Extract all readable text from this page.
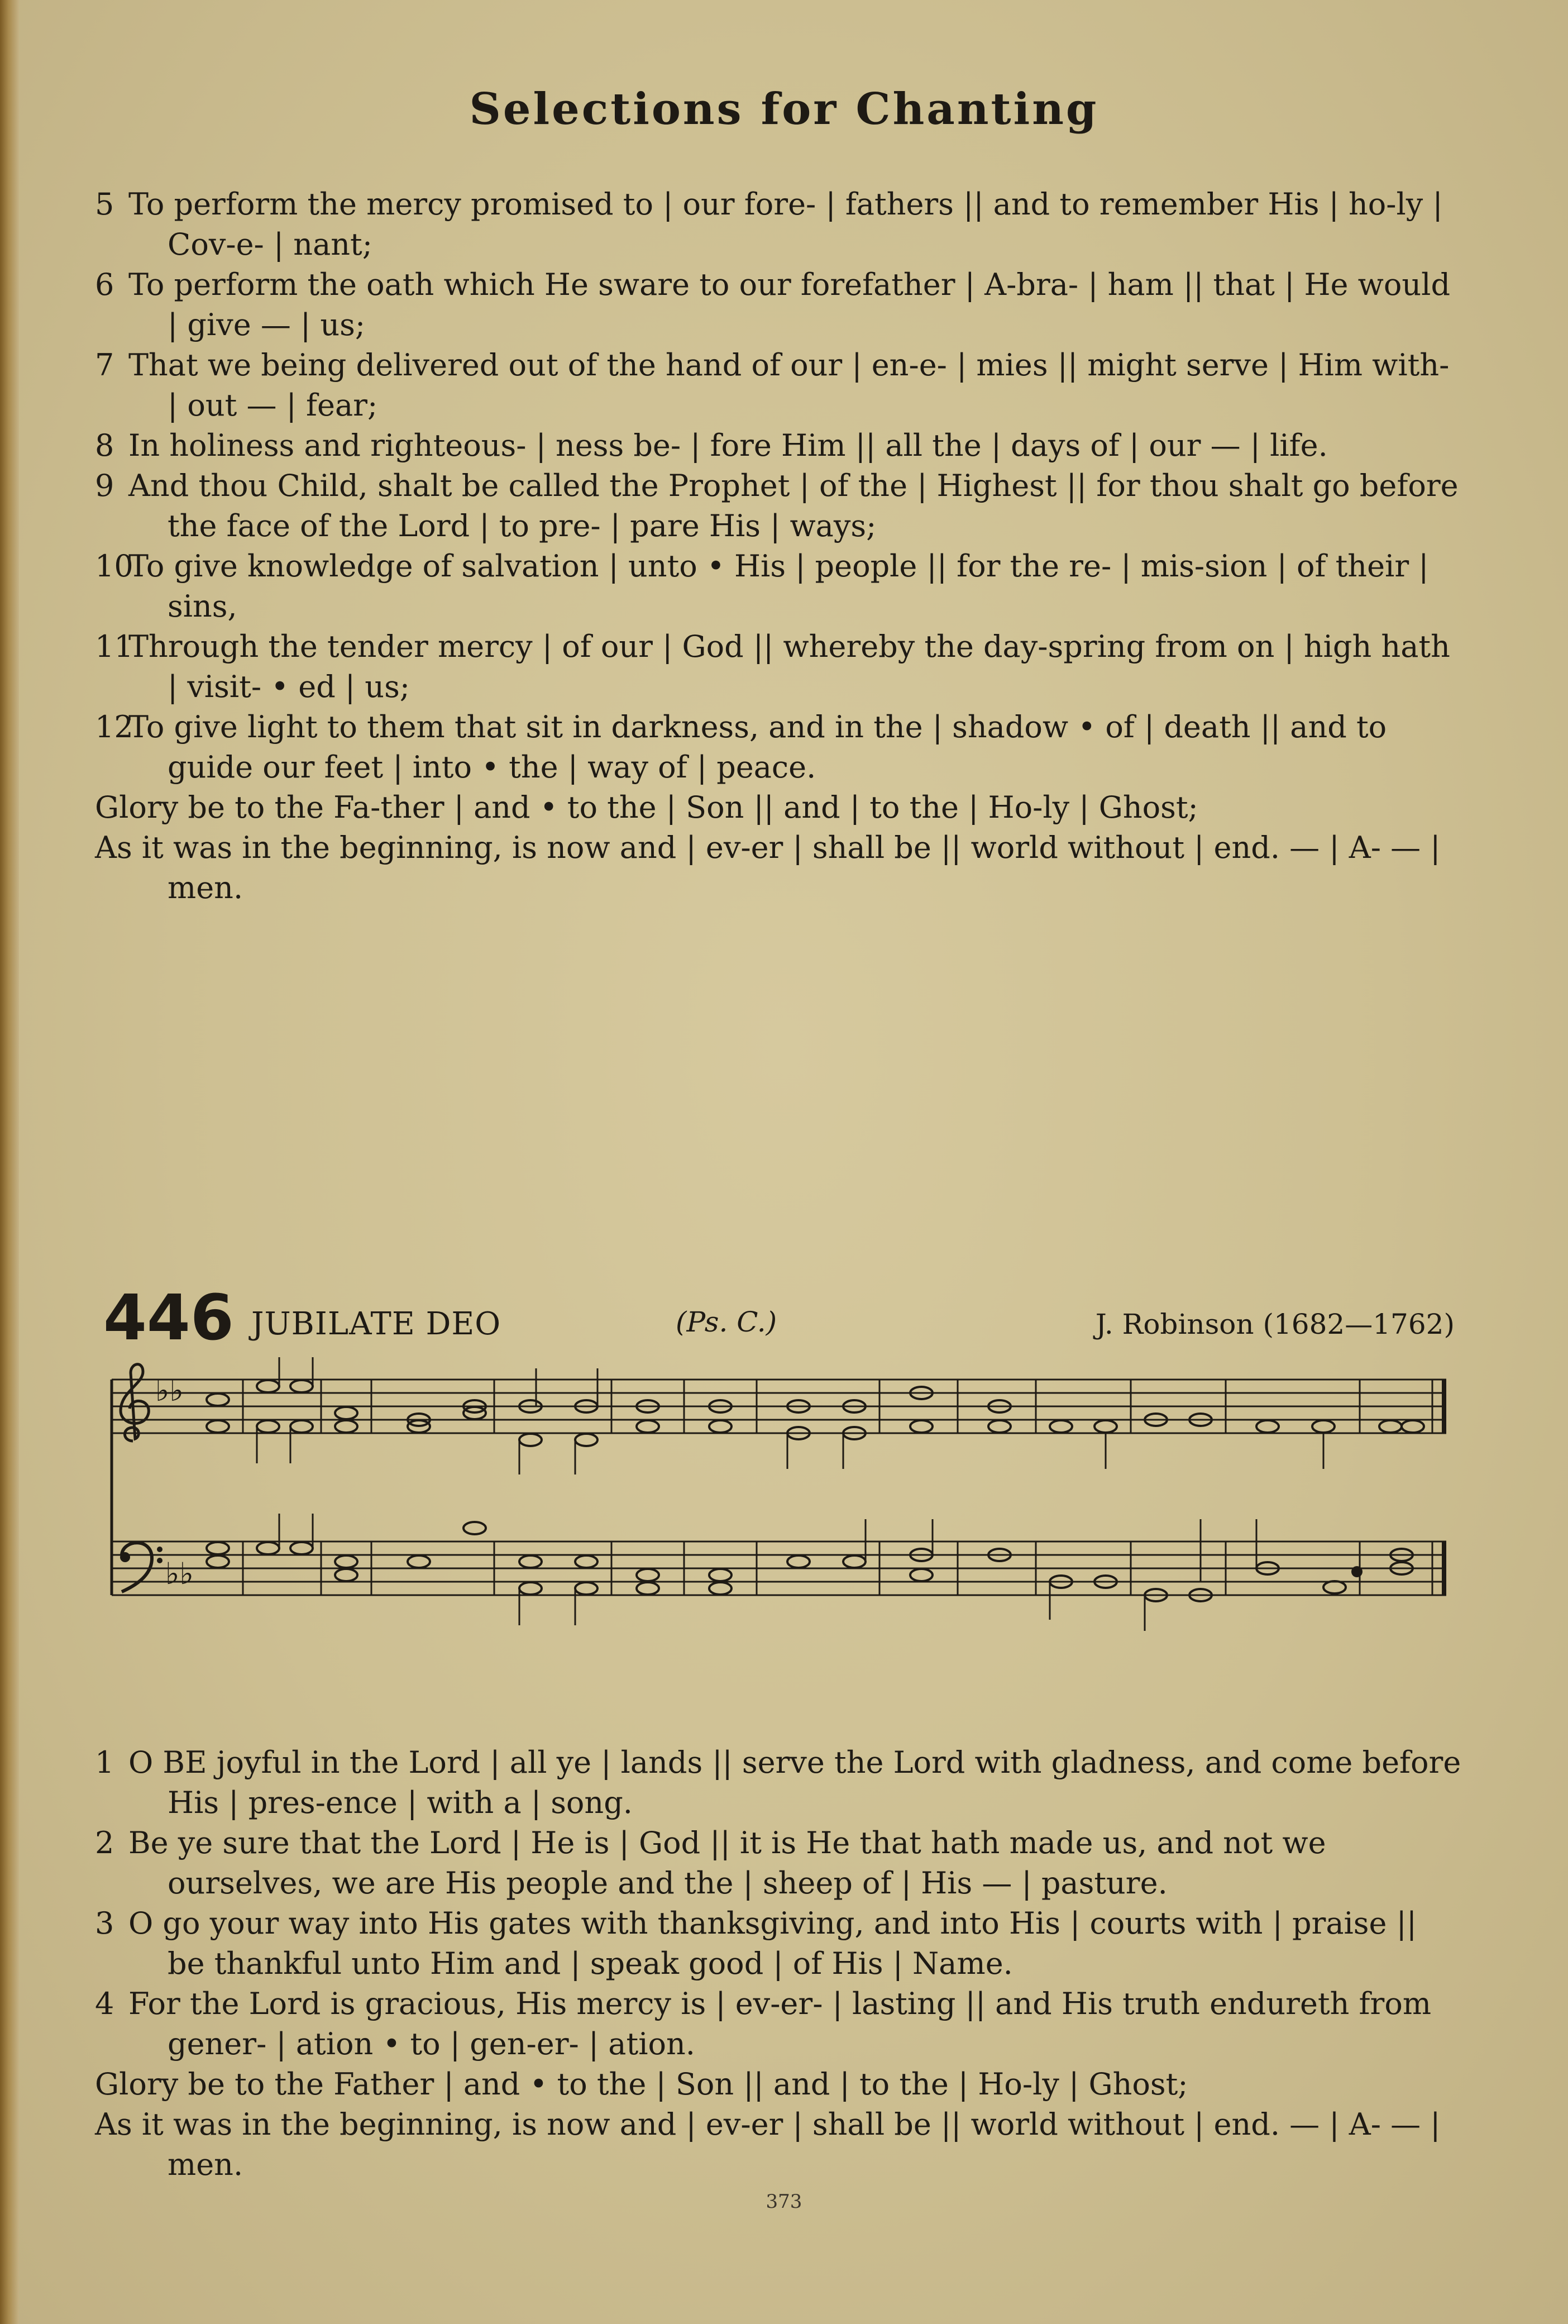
Selections for Chanting

5 To perform the mercy promised to | our fore- | fathers || and to remember His | ho-ly | Cov-e- | nant;

6 To perform the oath which He sware to our forefather | A-bra- | ham || that | He would | give — | us;

7 That we being delivered out of the hand of our | en-e- | mies || might serve | Him with- | out — | fear;

8 In holiness and righteous- | ness be- | fore Him || all the | days of | our — | life.

9 And thou Child, shalt be called the Prophet | of the | Highest || for thou shalt go before the face of the Lord | to pre- | pare His | ways;

10To give knowledge of salvation | unto • His | people || for the re- | mis-sion | of their | sins,

11Through the tender mercy | of our | God || whereby the day-spring from on | high hath | visit- • ed | us;

12To give light to them that sit in darkness, and in the | shadow • of | death || and to guide our feet | into • the | way of | peace.

Glory be to the Fa-ther | and • to the | Son || and | to the | Ho-ly | Ghost;

As it was in the beginning, is now and | ev-er | shall be || world without | end. — | A- — | men.

446 JUBILATE DEO	(Ps. C.)	J. Robinson (1682—1762)
♭♭
♭♭

1 O BE joyful in the Lord | all ye | lands || serve the Lord with gladness, and come before His | pres-ence | with a | song.

2 Be ye sure that the Lord | He is | God || it is He that hath made us, and not we ourselves, we are His people and the | sheep of | His — | pasture.

3 O go your way into His gates with thanksgiving, and into His | courts with | praise || be thankful unto Him and | speak good | of His | Name.

4 For the Lord is gracious, His mercy is | ev-er- | lasting || and His truth endureth from gener- | ation • to | gen-er- | ation.

Glory be to the Father | and • to the | Son || and | to the | Ho-ly | Ghost;

As it was in the beginning, is now and | ev-er | shall be || world without | end. — | A- — | men.

373
